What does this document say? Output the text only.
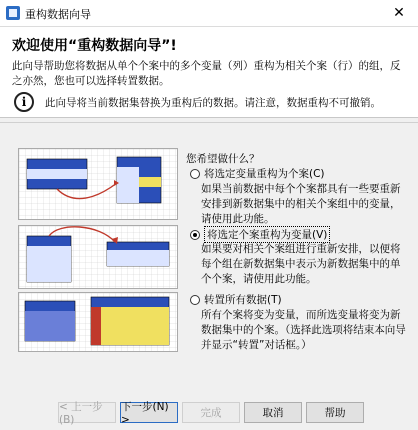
重构数据向导	✕
欢迎使用“重构数据向导”!
此向导帮助您将数据从单个个案中的多个变量（列）重构为相关个案（行）的组，反之亦然，您也可以选择转置数据。
i	此向导将当前数据集替换为重构后的数据。请注意，数据重构不可撤销。
您希望做什么？
将选定变量重构为个案(C)
如果当前数据中每个个案都具有一些要重新安排到新数据集中的相关个案组中的变量，请使用此功能。
将选定个案重构为变量(V)
如果要对相关个案组进行重新安排，以便将每个组在新数据集中表示为新数据集中的单个个案，请使用此功能。
转置所有数据(T)
所有个案将变为变量，而所选变量将变为新数据集中的个案。（选择此选项将结束本向导并显示“转置”对话框。）
< 上一步(B)
下一步(N) >
完成	取消	帮助
